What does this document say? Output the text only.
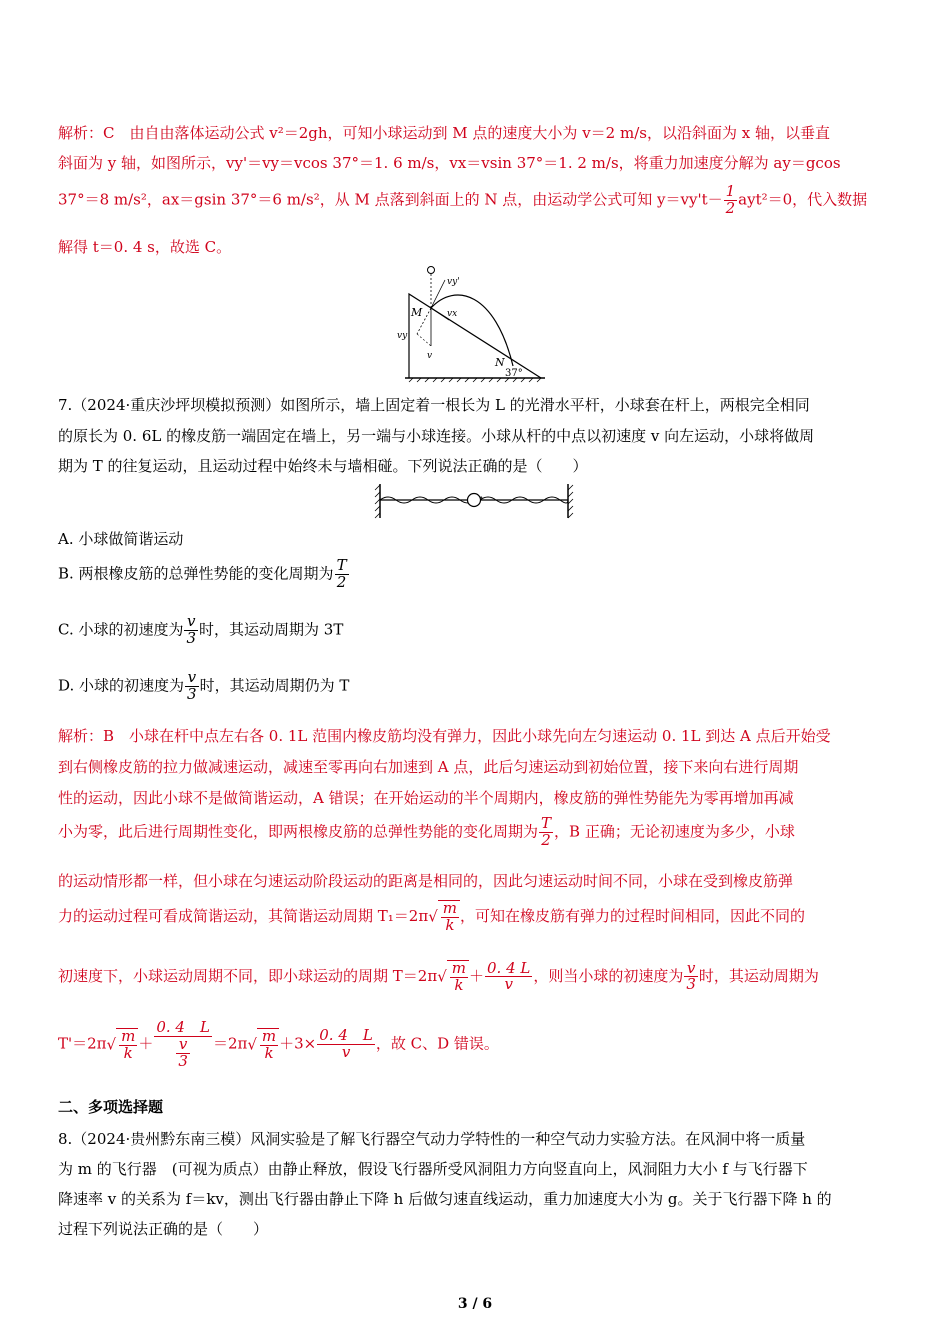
解析：C　由自由落体运动公式 v²＝2gh，可知小球运动到 M 点的速度大小为 v＝2 m/s，以沿斜面为 x 轴，以垂直
斜面为 y 轴，如图所示，vy'＝vy＝vcos 37°＝1. 6 m/s，vx＝vsin 37°＝1. 2 m/s，将重力加速度分解为 ay＝gcos
37°＝8 m/s²，ax＝gsin 37°＝6 m/s²，从 M 点落到斜面上的 N 点，由运动学公式可知 $y=vy't- \frac{1}{2} ayt^2=0$，代入数据
解得 t＝0. 4 s，故选 C。
M
N
37°
vy'
vx
vy
v
7.（2024·重庆沙坪坝模拟预测）如图所示，墙上固定着一根长为 L 的光滑水平杆，小球套在杆上，两根完全相同
的原长为 0. 6L 的橡皮筋一端固定在墙上，另一端与小球连接。小球从杆的中点以初速度 v 向左运动，小球将做周
期为 T 的往复运动，且运动过程中始终未与墙相碰。下列说法正确的是（　　）
A. 小球做简谐运动
B. 两根橡皮筋的总弹性势能的变化周期为 $\frac{T}{2}$
C. 小球的初速度为 $\frac{v}{3}$ 时，其运动周期为 3T
D. 小球的初速度为 $\frac{v}{3}$ 时，其运动周期仍为 T
解析：B　小球在杆中点左右各 0. 1L 范围内橡皮筋均没有弹力，因此小球先向左匀速运动 0. 1L 到达 A 点后开始受
到右侧橡皮筋的拉力做减速运动，减速至零再向右加速到 A 点，此后匀速运动到初始位置，接下来向右进行周期
性的运动，因此小球不是做简谐运动，A 错误；在开始运动的半个周期内，橡皮筋的弹性势能先为零再增加再减
小为零，此后进行周期性变化，即两根橡皮筋的总弹性势能的变化周期为 $\frac{T}{2}$ ，B 正确；无论初速度为多少，小球
的运动情形都一样，但小球在匀速运动阶段运动的距离是相同的，因此匀速运动时间不同，小球在受到橡皮筋弹
力的运动过程可看成简谐运动，其简谐运动周期 $T_1=2\pi√ \frac{m}{k}$ ，可知在橡皮筋有弹力的过程时间相同，因此不同的
初速度下，小球运动周期不同，即小球运动的周期 $T=2\pi√ \frac{m}{k} + \frac{0. 4 L}{v}$ ，则当小球的初速度为 $\frac{v}{3}$ 时，其运动周期为
$T'=2\pi√ \frac{m}{k} + \frac{0. 4 L}{\frac{v}{3}} =2\pi√ \frac{m}{k} +3\times \frac{0. 4 L}{v}$ ，故 C、D 错误。
二、多项选择题
8.（2024·贵州黔东南三模）风洞实验是了解飞行器空气动力学特性的一种空气动力实验方法。在风洞中将一质量
为 m 的飞行器　(可视为质点）由静止释放，假设飞行器所受风洞阻力方向竖直向上，风洞阻力大小 f 与飞行器下
降速率 v 的关系为 f＝kv，测出飞行器由静止下降 h 后做匀速直线运动，重力加速度大小为 g。关于飞行器下降 h 的
过程下列说法正确的是（　　）
3 / 6
